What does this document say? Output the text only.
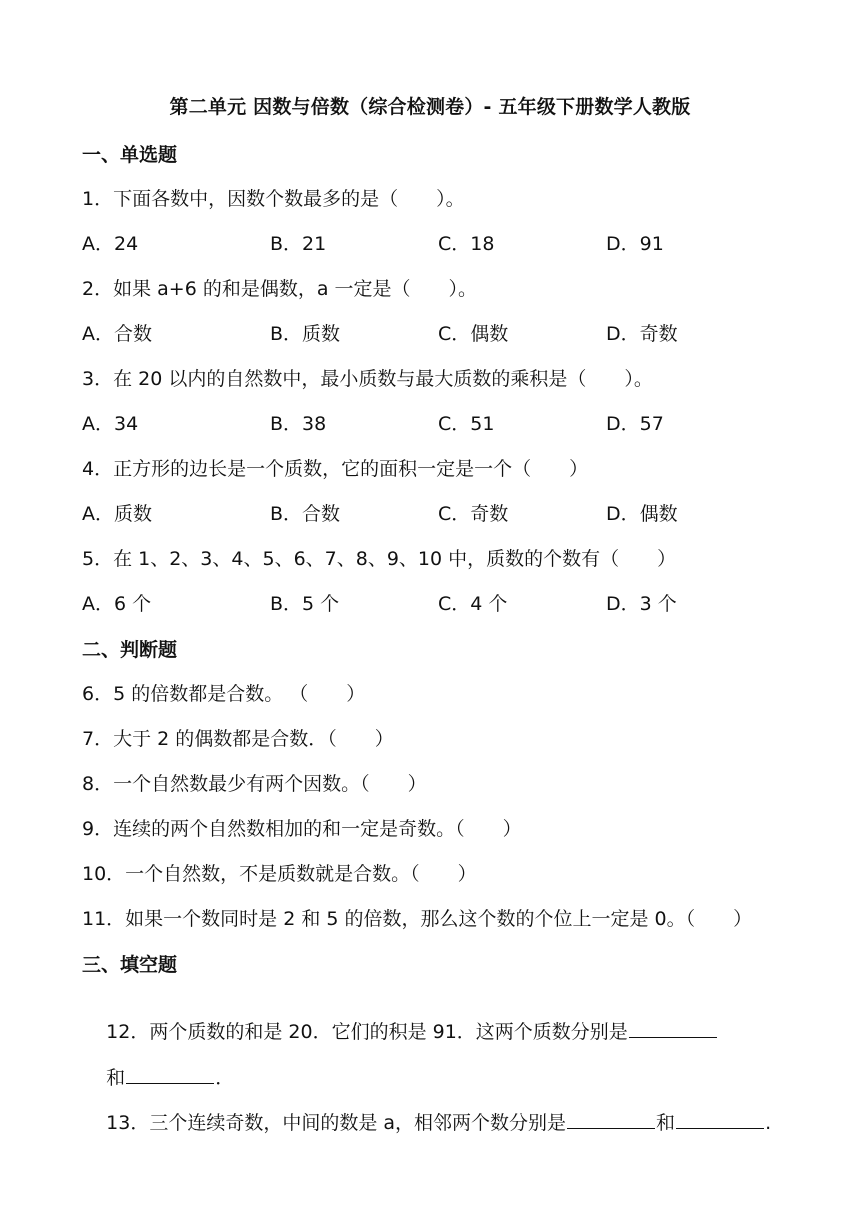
第二单元 因数与倍数（综合检测卷）- 五年级下册数学人教版
一、单选题
1．下面各数中，因数个数最多的是（　　）。
A．24	B．21	C．18	D．91
2．如果 a+6 的和是偶数，a 一定是（　　）。
A．合数	B．质数	C．偶数	D．奇数
3．在 20 以内的自然数中，最小质数与最大质数的乘积是（　　）。
A．34	B．38	C．51	D．57
4．正方形的边长是一个质数，它的面积一定是一个（　　）
A．质数	B．合数	C．奇数	D．偶数
5．在 1、2、3、4、5、6、7、8、9、10 中，质数的个数有（　　）
A．6 个	B．5 个	C．4 个	D．3 个
二、判断题
6．5 的倍数都是合数。 （　　）
7．大于 2 的偶数都是合数．（　　）
8．一个自然数最少有两个因数。（　　）
9．连续的两个自然数相加的和一定是奇数。（　　）
10．一个自然数，不是质数就是合数。（　　）
11．如果一个数同时是 2 和 5 的倍数，那么这个数的个位上一定是 0。（　　）
三、填空题

12．两个质数的和是 20．它们的积是 91．这两个质数分别是

和	．

13．三个连续奇数，中间的数是 a，相邻两个数分别是	和	.
